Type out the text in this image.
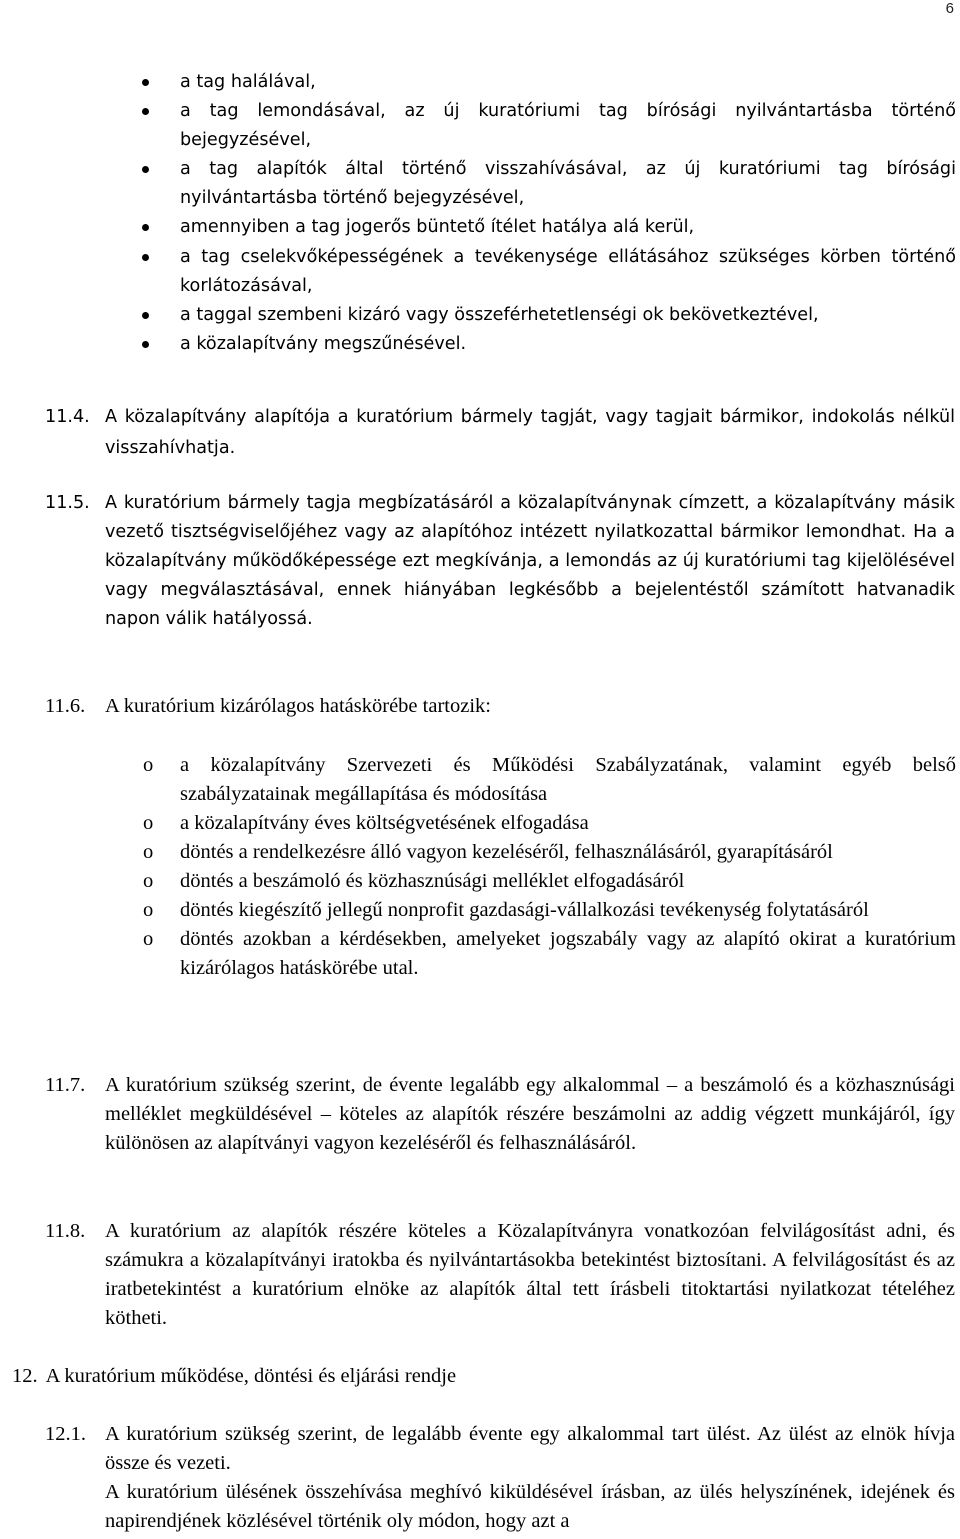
6
a tag halálával,
a tag lemondásával, az új kuratóriumi tag bírósági nyilvántartásba történő bejegyzésével,
a tag alapítók által történő visszahívásával, az új kuratóriumi tag bírósági nyilvántartásba történő bejegyzésével,
amennyiben a tag jogerős büntető ítélet hatálya alá kerül,
a tag cselekvőképességének a tevékenysége ellátásához szükséges körben történő korlátozásával,
a taggal szembeni kizáró vagy összeférhetetlenségi ok bekövetkeztével,
a közalapítvány megszűnésével.

11.4. A közalapítvány alapítója a kuratórium bármely tagját, vagy tagjait bármikor, indokolás nélkül visszahívhatja.

11.5. A kuratórium bármely tagja megbízatásáról a közalapítványnak címzett, a közalapítvány másik vezető tisztségviselőjéhez vagy az alapítóhoz intézett nyilatkozattal bármikor lemondhat. Ha a közalapítvány működőképessége ezt megkívánja, a lemondás az új kuratóriumi tag kijelölésével vagy megválasztásával, ennek hiányában legkésőbb a bejelentéstől számított hatvanadik napon válik hatályossá.

11.6. A kuratórium kizárólagos hatáskörébe tartozik:

o a közalapítvány Szervezeti és Működési Szabályzatának, valamint egyéb belső szabályzatainak megállapítása és módosítása
o a közalapítvány éves költségvetésének elfogadása
o döntés a rendelkezésre álló vagyon kezeléséről, felhasználásáról, gyarapításáról
o döntés a beszámoló és közhasznúsági melléklet elfogadásáról
o döntés kiegészítő jellegű nonprofit gazdasági-vállalkozási tevékenység folytatásáról
o döntés azokban a kérdésekben, amelyeket jogszabály vagy az alapító okirat a kuratórium kizárólagos hatáskörébe utal.

11.7. A kuratórium szükség szerint, de évente legalább egy alkalommal – a beszámoló és a közhasznúsági melléklet megküldésével – köteles az alapítók részére beszámolni az addig végzett munkájáról, így különösen az alapítványi vagyon kezeléséről és felhasználásáról.

11.8. A kuratórium az alapítók részére köteles a Közalapítványra vonatkozóan felvilágosítást adni, és számukra a közalapítványi iratokba és nyilvántartásokba betekintést biztosítani. A felvilágosítást és az iratbetekintést a kuratórium elnöke az alapítók által tett írásbeli titoktartási nyilatkozat tételéhez kötheti.

12. A kuratórium működése, döntési és eljárási rendje

12.1. A kuratórium szükség szerint, de legalább évente egy alkalommal tart ülést. Az ülést az elnök hívja össze és vezeti.

A kuratórium ülésének összehívása meghívó kiküldésével írásban, az ülés helyszínének, idejének és napirendjének közlésével történik oly módon, hogy azt a
